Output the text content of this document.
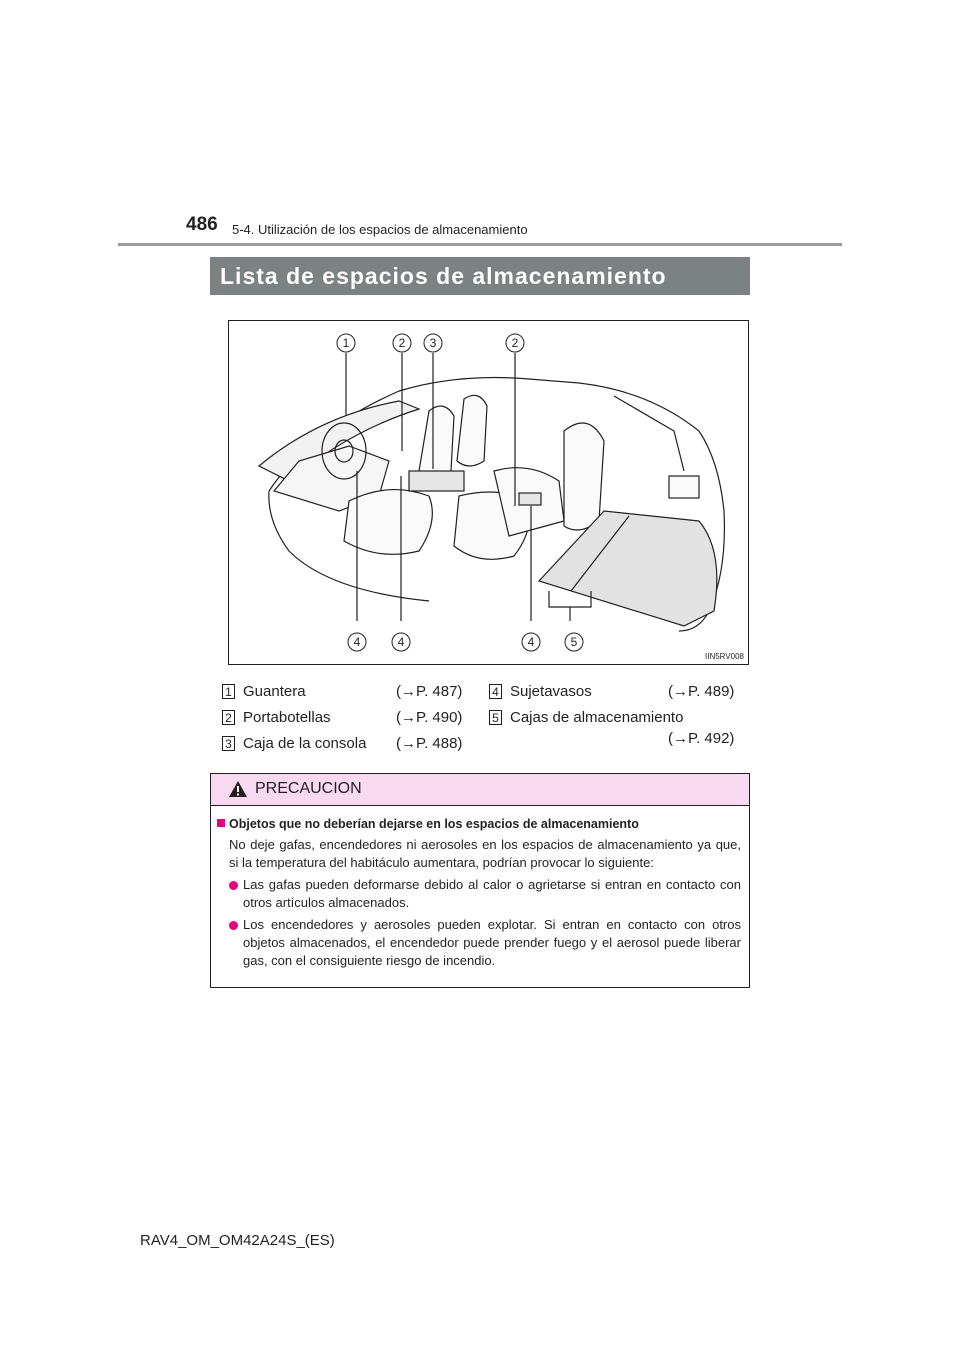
486 5-4. Utilización de los espacios de almacenamiento
Lista de espacios de almacenamiento
1	2 3	2
4	4	4	5
IIN5RV008
1 Guantera	(→P. 487)
2 Portabotellas	(→P. 490)
3 Caja de la consola (→P. 488)
4 Sujetavasos	(→P. 489)
5 Cajas de almacenamiento
(→P. 492)
PRECAUCION
Objetos que no deberían dejarse en los espacios de almacenamiento
No deje gafas, encendedores ni aerosoles en los espacios de almacenamiento ya que, si la temperatura del habitáculo aumentara, podrían provocar lo siguiente:
Las gafas pueden deformarse debido al calor o agrietarse si entran en contacto con otros artículos almacenados.
Los encendedores y aerosoles pueden explotar. Si entran en contacto con otros objetos almacenados, el encendedor puede prender fuego y el aerosol puede liberar gas, con el consiguiente riesgo de incendio.
RAV4_OM_OM42A24S_(ES)
